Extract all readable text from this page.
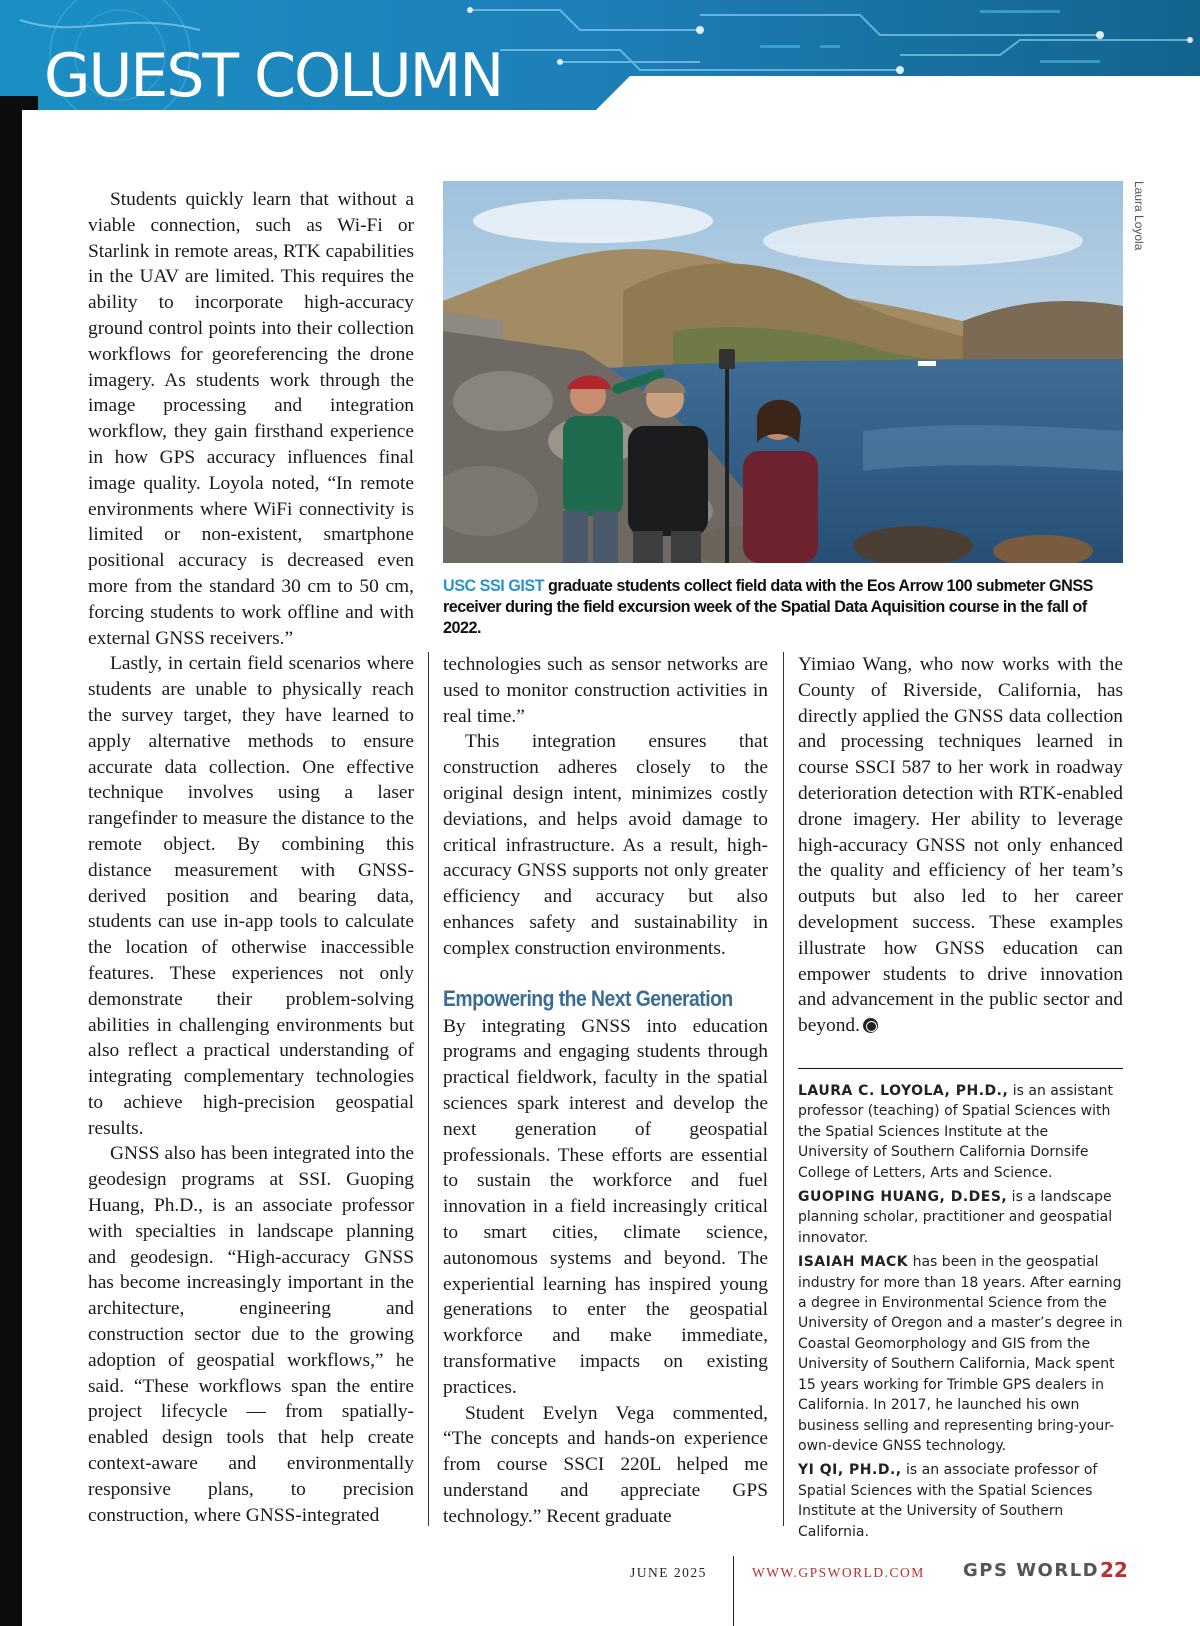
GUEST COLUMN

Students quickly learn that without a viable connection, such as Wi-Fi or Starlink in remote areas, RTK capabilities in the UAV are limited. This requires the ability to incorporate high-accuracy ground control points into their collection workflows for georeferencing the drone imagery. As students work through the image processing and integration workflow, they gain firsthand experience in how GPS accuracy influences final image quality. Loyola noted, “In remote environments where WiFi connectivity is limited or non-existent, smartphone positional accuracy is decreased even more from the standard 30 cm to 50 cm, forcing students to work offline and with external GNSS receivers.”

Lastly, in certain field scenarios where students are unable to physically reach the survey target, they have learned to apply alternative methods to ensure accurate data collection. One effective technique involves using a laser rangefinder to measure the distance to the remote object. By combining this distance measurement with GNSS-derived position and bearing data, students can use in-app tools to calculate the location of otherwise inaccessible features. These experiences not only demonstrate their problem-solving abilities in challenging environments but also reflect a practical understanding of integrating complementary technologies to achieve high-precision geospatial results.

GNSS also has been integrated into the geodesign programs at SSI. Guoping Huang, Ph.D., is an associate professor with specialties in landscape planning and geodesign. “High-accuracy GNSS has become increasingly important in the architecture, engineering and construction sector due to the growing adoption of geospatial workflows,” he said. “These workflows span the entire project lifecycle — from spatially-enabled design tools that help create context-aware and environmentally responsive plans, to precision construction, where GNSS-integrated

Laura Loyola
USC SSI GIST graduate students collect field data with the Eos Arrow 100 submeter GNSS receiver during the field excursion week of the Spatial Data Aquisition course in the fall of 2022.

technologies such as sensor networks are used to monitor construction activities in real time.”

This integration ensures that construction adheres closely to the original design intent, minimizes costly deviations, and helps avoid damage to critical infrastructure. As a result, high-accuracy GNSS supports not only greater efficiency and accuracy but also enhances safety and sustainability in complex construction environments.

Empowering the Next Generation

By integrating GNSS into education programs and engaging students through practical fieldwork, faculty in the spatial sciences spark interest and develop the next generation of geospatial professionals. These efforts are essential to sustain the workforce and fuel innovation in a field increasingly critical to smart cities, climate science, autonomous systems and beyond. The experiential learning has inspired young generations to enter the geospatial workforce and make immediate, transformative impacts on existing practices.

Student Evelyn Vega commented, “The concepts and hands-on experience from course SSCI 220L helped me understand and appreciate GPS technology.” Recent graduate

Yimiao Wang, who now works with the County of Riverside, California, has directly applied the GNSS data collection and processing techniques learned in course SSCI 587 to her work in roadway deterioration detection with RTK-enabled drone imagery. Her ability to leverage high-accuracy GNSS not only enhanced the quality and efficiency of her team’s outputs but also led to her career development success. These examples illustrate how GNSS education can empower students to drive innovation and advancement in the public sector and beyond.

LAURA C. LOYOLA, PH.D., is an assistant professor (teaching) of Spatial Sciences with the Spatial Sciences Institute at the University of Southern California Dornsife College of Letters, Arts and Science.

GUOPING HUANG, D.DES, is a landscape planning scholar, practitioner and geospatial innovator.

ISAIAH MACK has been in the geospatial industry for more than 18 years. After earning a degree in Environmental Science from the University of Oregon and a master’s degree in Coastal Geomorphology and GIS from the University of Southern California, Mack spent 15 years working for Trimble GPS dealers in California. In 2017, he launched his own business selling and representing bring-your-own-device GNSS technology.

YI QI, PH.D., is an associate professor of Spatial Sciences with the Spatial Sciences Institute at the University of Southern California.

JUNE 2025	WWW.GPSWORLD.COM GPS WORLD 22
